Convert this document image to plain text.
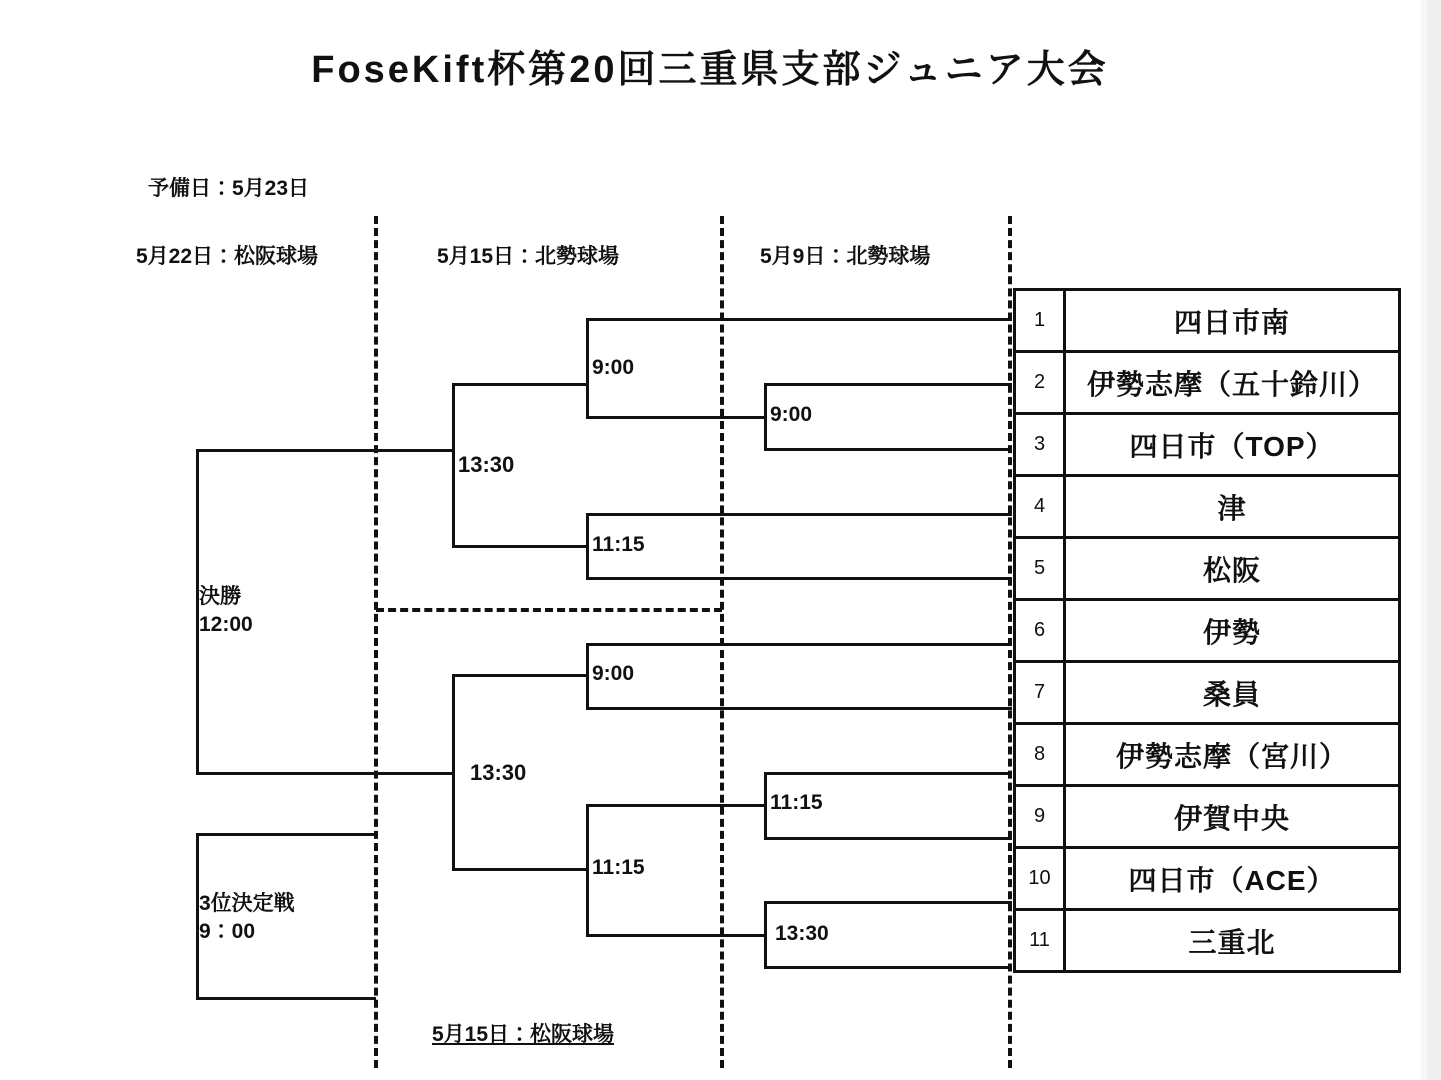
FoseKift杯第20回三重県支部ジュニア大会
予備日：5月23日
5月22日：松阪球場	5月15日：北勢球場	5月9日：北勢球場
5月15日：松阪球場
9:00
11:15
13:30
9:00
11:15
9:00
11:15
13:30
13:30
決勝
12:00
3位決定戦
9：00
1	四日市南
2	伊勢志摩（五十鈴川）
3	四日市（TOP）
4	津
5	松阪
6	伊勢
7	桑員
8	伊勢志摩（宮川）
9	伊賀中央
10	四日市（ACE）
11	三重北
